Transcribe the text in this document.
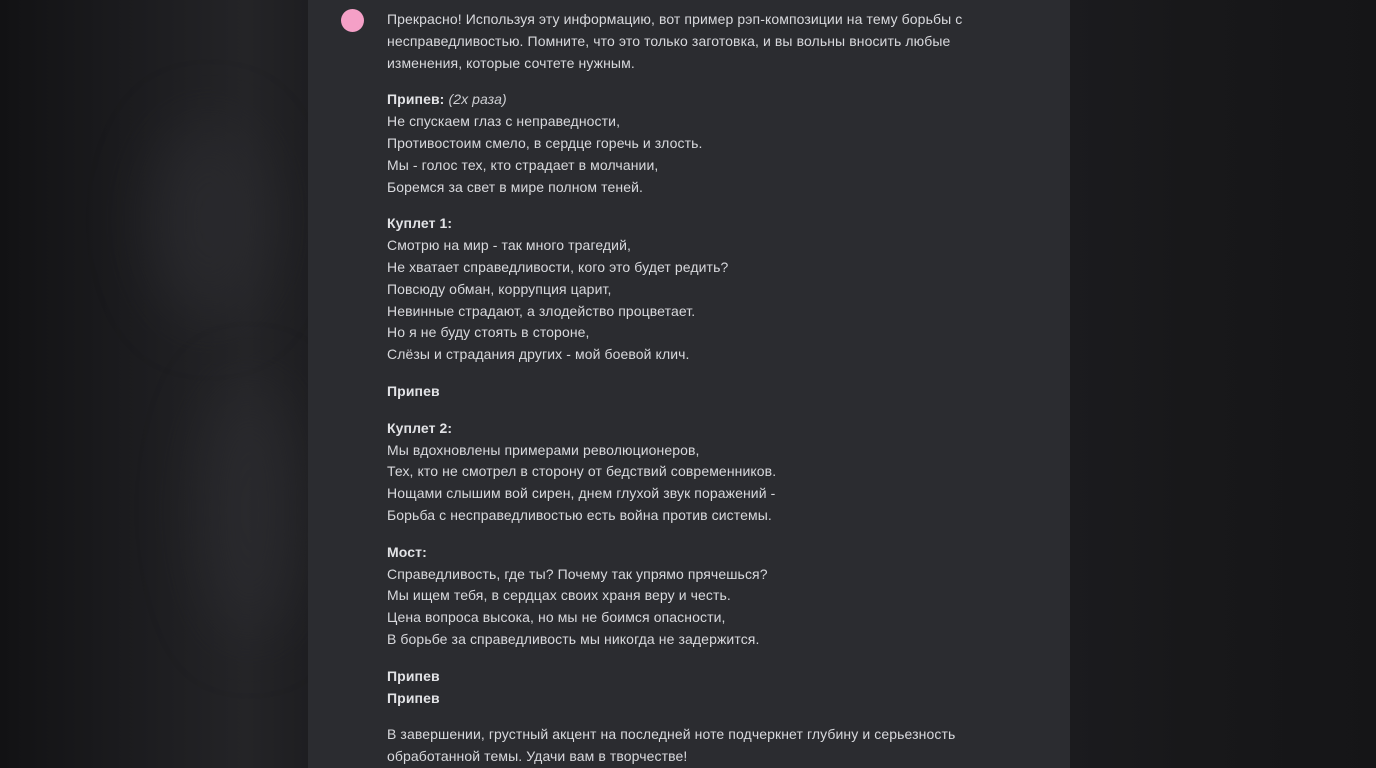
Прекрасно! Используя эту информацию, вот пример рэп-композиции на тему борьбы с
несправедливостью. Помните, что это только заготовка, и вы вольны вносить любые
изменения, которые сочтете нужным.

Припев: (2x раза)
Не спускаем глаз с неправедности,
Противостоим смело, в сердце горечь и злость.
Мы - голос тех, кто страдает в молчании,
Боремся за свет в мире полном теней.

Куплет 1:
Смотрю на мир - так много трагедий,
Не хватает справедливости, кого это будет редить?
Повсюду обман, коррупция царит,
Невинные страдают, а злодейство процветает.
Но я не буду стоять в стороне,
Слёзы и страдания других - мой боевой клич.

Припев

Куплет 2:
Мы вдохновлены примерами революционеров,
Тех, кто не смотрел в сторону от бедствий современников.
Нощами слышим вой сирен, днем глухой звук поражений -
Борьба с несправедливостью есть война против системы.

Мост:
Справедливость, где ты? Почему так упрямо прячешься?
Мы ищем тебя, в сердцах своих храня веру и честь.
Цена вопроса высока, но мы не боимся опасности,
В борьбе за справедливость мы никогда не задержится.

Припев
Припев

В завершении, грустный акцент на последней ноте подчеркнет глубину и серьезность
обработанной темы. Удачи вам в творчестве!
